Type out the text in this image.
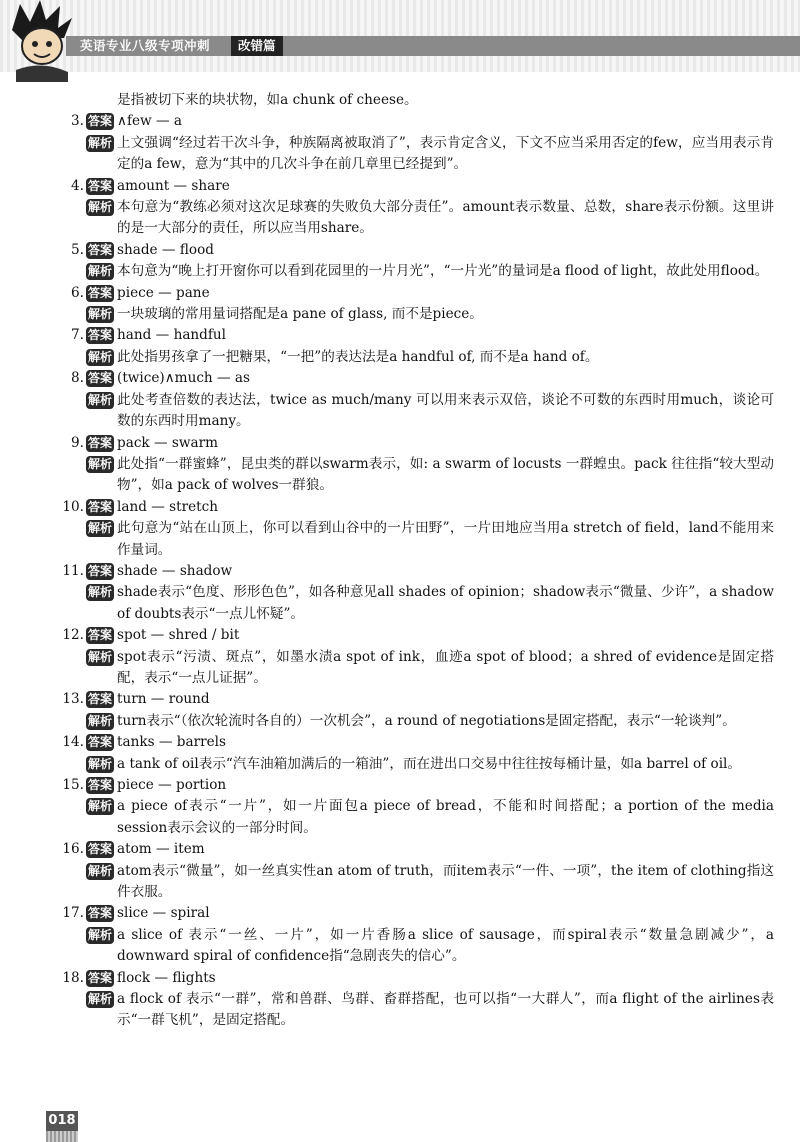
英语专业八级专项冲刺	改错篇
是指被切下来的块状物，如a chunk of cheese。
3. 答案 ∧few — a
解析 上文强调“经过若干次斗争，种族隔离被取消了”，表示肯定含义，下文不应当采用否定的few，应当用表示肯定的a few，意为“其中的几次斗争在前几章里已经提到”。
4. 答案 amount — share
解析 本句意为“教练必须对这次足球赛的失败负大部分责任”。amount表示数量、总数，share表示份额。这里讲的是一大部分的责任，所以应当用share。
5. 答案 shade — flood
解析 本句意为“晚上打开窗你可以看到花园里的一片月光”，“一片光”的量词是a flood of light，故此处用flood。
6. 答案 piece — pane
解析 一块玻璃的常用量词搭配是a pane of glass, 而不是piece。
7. 答案 hand — handful
解析 此处指男孩拿了一把糖果，“一把”的表达法是a handful of, 而不是a hand of。
8. 答案 (twice)∧much — as
解析 此处考查倍数的表达法，twice as much/many 可以用来表示双倍，谈论不可数的东西时用much，谈论可数的东西时用many。
9. 答案 pack — swarm
解析 此处指“一群蜜蜂”，昆虫类的群以swarm表示，如: a swarm of locusts 一群蝗虫。pack 往往指“较大型动物”，如a pack of wolves一群狼。
10. 答案 land — stretch
解析 此句意为“站在山顶上，你可以看到山谷中的一片田野”，一片田地应当用a stretch of field，land不能用来作量词。
11. 答案 shade — shadow
解析 shade表示“色度、形形色色”，如各种意见all shades of opinion；shadow表示“微量、少许”，a shadow of doubts表示“一点儿怀疑”。
12. 答案 spot — shred / bit
解析 spot表示“污渍、斑点”，如墨水渍a spot of ink，血迹a spot of blood；a shred of evidence是固定搭配，表示“一点儿证据”。
13. 答案 turn — round
解析 turn表示“（依次轮流时各自的）一次机会”，a round of negotiations是固定搭配，表示“一轮谈判”。
14. 答案 tanks — barrels
解析 a tank of oil表示“汽车油箱加满后的一箱油”，而在进出口交易中往往按每桶计量，如a barrel of oil。
15. 答案 piece — portion
解析 a piece of表示“一片”，如一片面包a piece of bread，不能和时间搭配；a portion of the media session表示会议的一部分时间。
16. 答案 atom — item
解析 atom表示“微量”，如一丝真实性an atom of truth，而item表示“一件、一项”，the item of clothing指这件衣服。
17. 答案 slice — spiral
解析 a slice of 表示“一丝、一片”，如一片香肠a slice of sausage，而spiral表示“数量急剧减少”，a downward spiral of confidence指“急剧丧失的信心”。
18. 答案 flock — flights
解析 a flock of 表示“一群”，常和兽群、鸟群、畜群搭配，也可以指“一大群人”，而a flight of the airlines表示“一群飞机”，是固定搭配。
018
